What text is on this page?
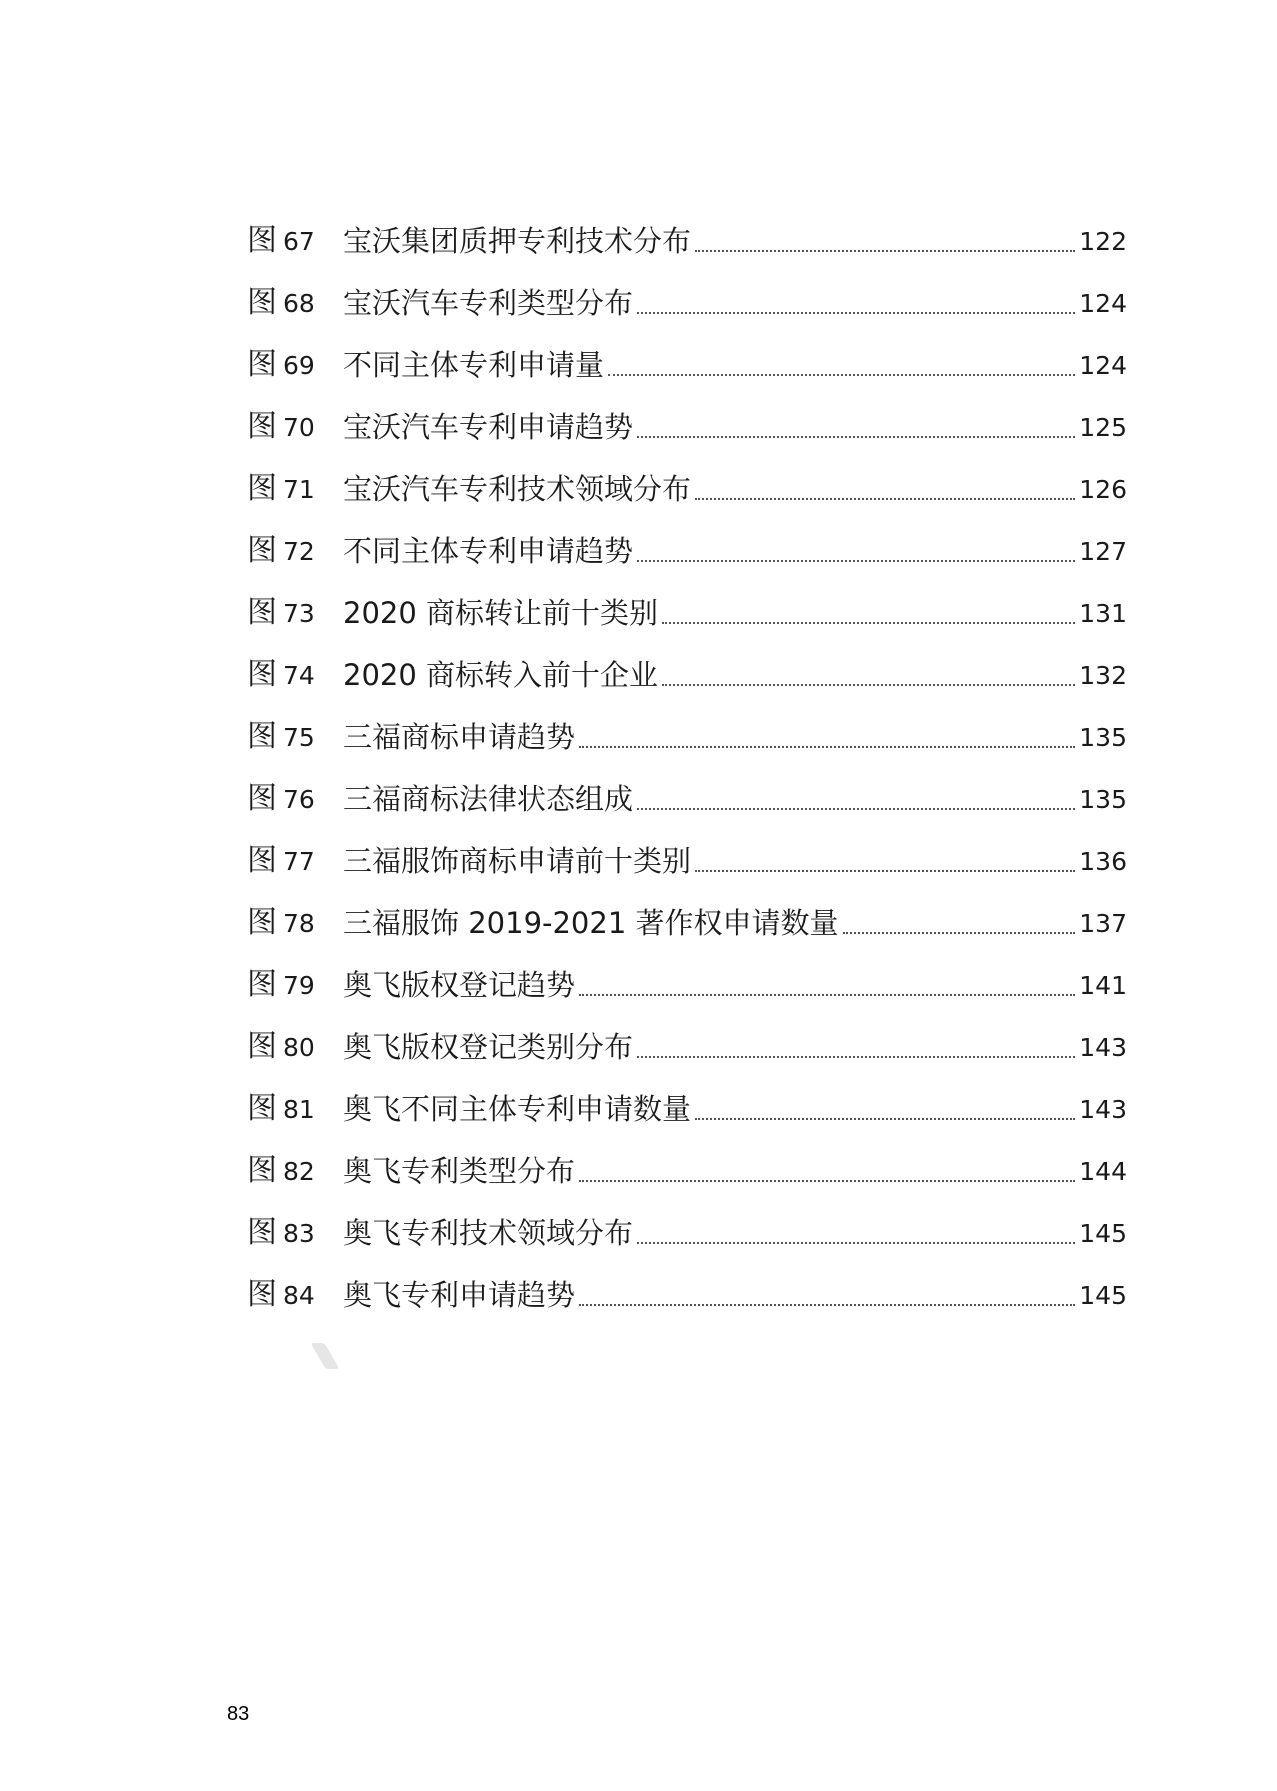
图 67 宝沃集团质押专利技术分布	122
图 68 宝沃汽车专利类型分布	124
图 69 不同主体专利申请量	124
图 70 宝沃汽车专利申请趋势	125
图 71 宝沃汽车专利技术领域分布	126
图 72 不同主体专利申请趋势	127
图 73 2020 商标转让前十类别	131
图 74 2020 商标转入前十企业	132
图 75 三福商标申请趋势	135
图 76 三福商标法律状态组成	135
图 77 三福服饰商标申请前十类别	136
图 78 三福服饰 2019-2021 著作权申请数量	137
图 79 奥飞版权登记趋势	141
图 80 奥飞版权登记类别分布	143
图 81 奥飞不同主体专利申请数量	143
图 82 奥飞专利类型分布	144
图 83 奥飞专利技术领域分布	145
图 84 奥飞专利申请趋势	145
83
